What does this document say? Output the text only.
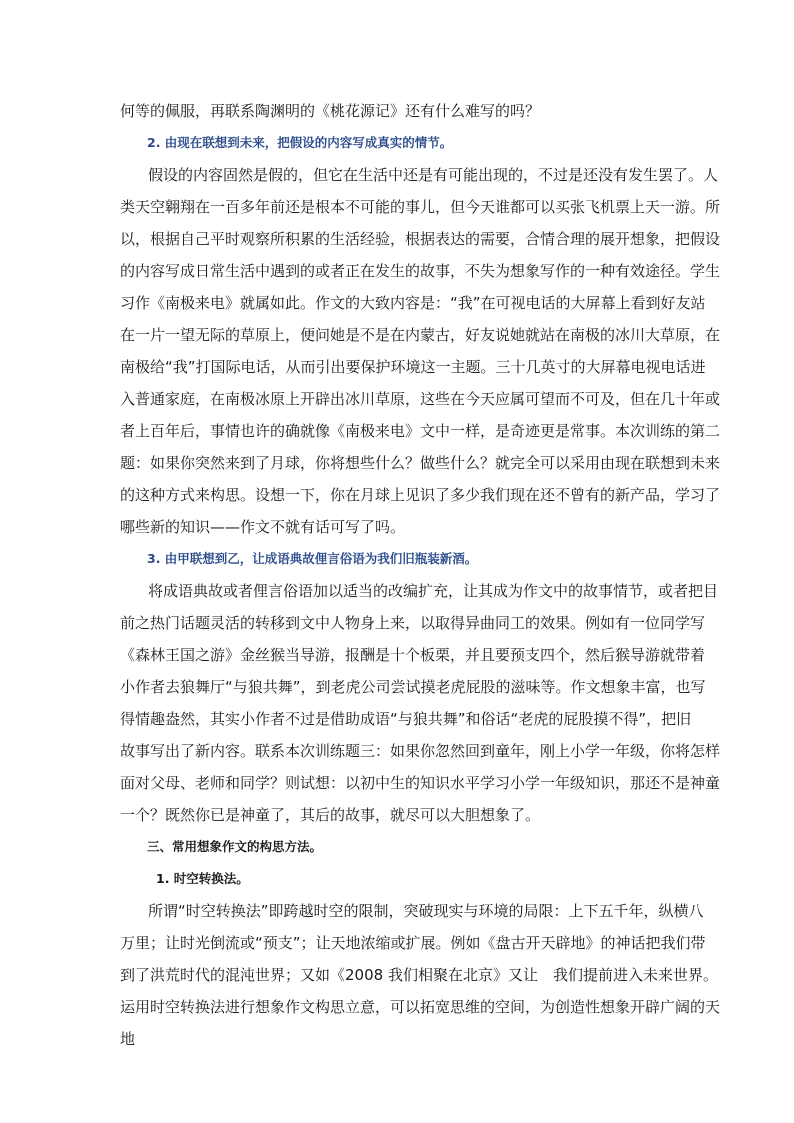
何等的佩服，再联系陶渊明的《桃花源记》还有什么难写的吗？
2. 由现在联想到未来，把假设的内容写成真实的情节。
假设的内容固然是假的，但它在生活中还是有可能出现的，不过是还没有发生罢了。人
类天空翱翔在一百多年前还是根本不可能的事儿，但今天谁都可以买张飞机票上天一游。所
以，根据自己平时观察所积累的生活经验，根据表达的需要，合情合理的展开想象，把假设
的内容写成日常生活中遇到的或者正在发生的故事，不失为想象写作的一种有效途径。学生
习作《南极来电》就属如此。作文的大致内容是：“我”在可视电话的大屏幕上看到好友站
在一片一望无际的草原上，便问她是不是在内蒙古，好友说她就站在南极的冰川大草原，在
南极给“我”打国际电话，从而引出要保护环境这一主题。三十几英寸的大屏幕电视电话进
入普通家庭，在南极冰原上开辟出冰川草原，这些在今天应属可望而不可及，但在几十年或
者上百年后，事情也许的确就像《南极来电》文中一样，是奇迹更是常事。本次训练的第二
题：如果你突然来到了月球，你将想些什么？做些什么？就完全可以采用由现在联想到未来
的这种方式来构思。设想一下，你在月球上见识了多少我们现在还不曾有的新产品，学习了
哪些新的知识——作文不就有话可写了吗。
3. 由甲联想到乙，让成语典故俚言俗语为我们旧瓶装新酒。
将成语典故或者俚言俗语加以适当的改编扩充，让其成为作文中的故事情节，或者把目
前之热门话题灵活的转移到文中人物身上来，以取得异曲同工的效果。例如有一位同学写
《森林王国之游》金丝猴当导游，报酬是十个板栗，并且要预支四个，然后猴导游就带着
小作者去狼舞厅“与狼共舞”，到老虎公司尝试摸老虎屁股的滋味等。作文想象丰富，也写
得情趣盎然，其实小作者不过是借助成语“与狼共舞”和俗话“老虎的屁股摸不得”，把旧
故事写出了新内容。联系本次训练题三：如果你忽然回到童年，刚上小学一年级，你将怎样
面对父母、老师和同学？则试想：以初中生的知识水平学习小学一年级知识，那还不是神童
一个？既然你已是神童了，其后的故事，就尽可以大胆想象了。
三、常用想象作文的构思方法。
1. 时空转换法。
所谓“时空转换法”即跨越时空的限制，突破现实与环境的局限：上下五千年，纵横八
万里；让时光倒流或“预支”；让天地浓缩或扩展。例如《盘古开天辟地》的神话把我们带
到了洪荒时代的混沌世界；又如《2008 我们相聚在北京》又让　我们提前进入未来世界。
运用时空转换法进行想象作文构思立意，可以拓宽思维的空间，为创造性想象开辟广阔的天
地
